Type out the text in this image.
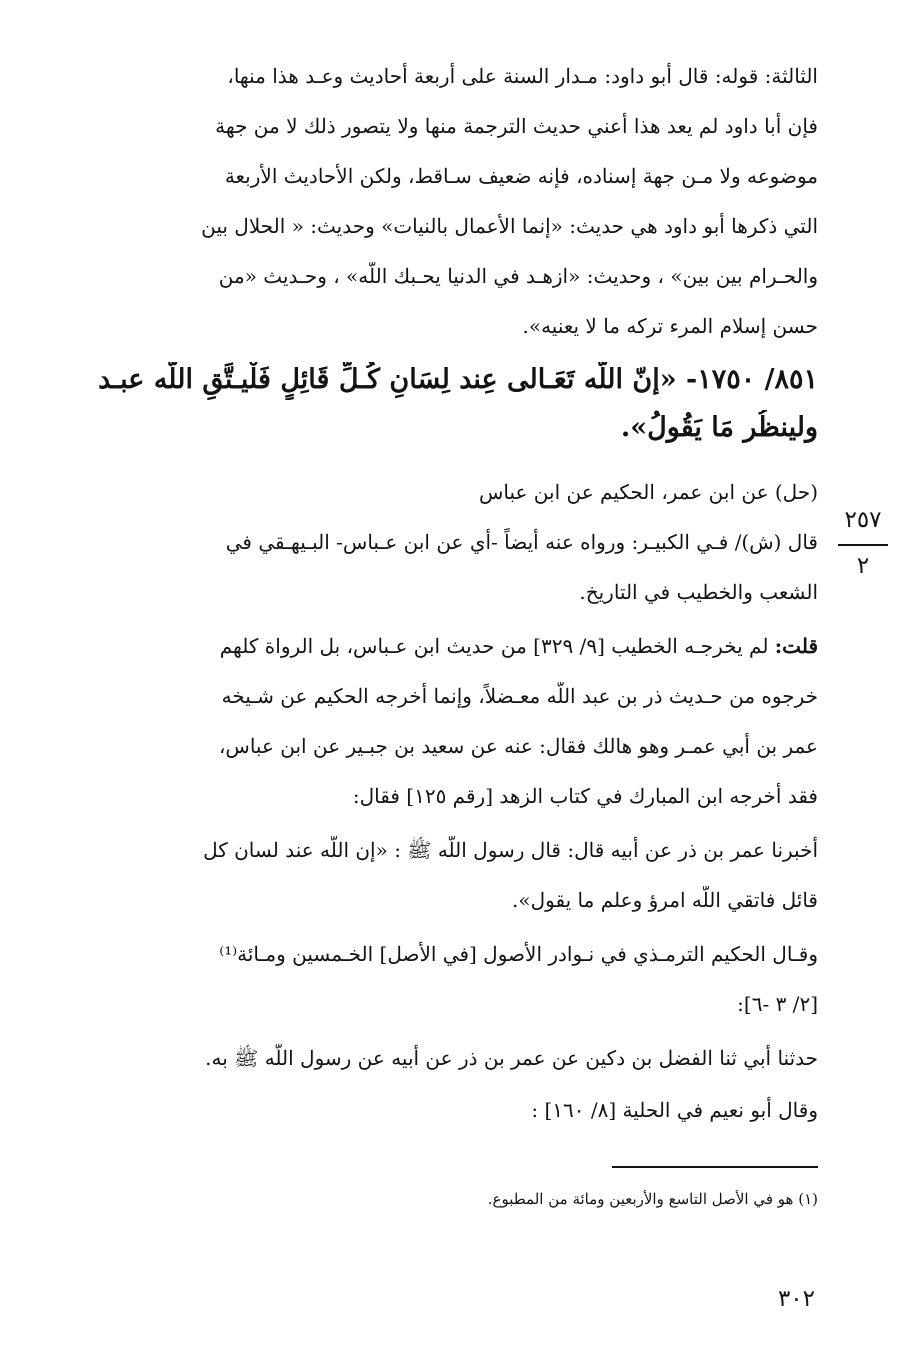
الثالثة: قوله: قال أبو داود: مـدار السنة على أربعة أحاديث وعـد هذا منها،
فإن أبا داود لم يعد هذا أعني حديث الترجمة منها ولا يتصور ذلك لا من جهة
موضوعه ولا مـن جهة إسناده، فإنه ضعيف سـاقط، ولكن الأحاديث الأربعة
التي ذكرها أبو داود هي حديث: «إنما الأعمال بالنيات» وحديث: « الحلال بين
والحـرام بين بين» ، وحديث: «ازهـد في الدنيا يحـبك اللّه» ، وحـديث «من
حسن إسلام المرء تركه ما لا يعنيه».
٨٥١/ ١٧٥٠- «إنّ اللّه تَعَـالى عِند لِسَانِ كُـلِّ قَائِلٍ فَلْيـتَّقِ اللّه عبـد
ولينظُر مَا يَقُولُ».
(حل) عن ابن عمر، الحكيم عن ابن عباس
٢٥٧
٢
قال (ش)/ فـي الكبيـر: ورواه عنه أيضاً -أي عن ابن عـباس- البـيهـقي في
الشعب والخطيب في التاريخ.
قلت: لم يخرجـه الخطيب [٩/ ٣٢٩] من حديث ابن عـباس، بل الرواة كلهم
خرجوه من حـديث ذر بن عبد اللّه معـضلاً، وإنما أخرجه الحكيم عن شـيخه
عمر بن أبي عمـر وهو هالك فقال: عنه عن سعيد بن جبـير عن ابن عباس،
فقد أخرجه ابن المبارك في كتاب الزهد [رقم ١٢٥] فقال:
أخبرنا عمر بن ذر عن أبيه قال: قال رسول اللّه ﷺ : «إن اللّه عند لسان كل
قائل فاتقي اللّه امرؤ وعلم ما يقول».
وقـال الحكيم الترمـذي في نـوادر الأصول [في الأصل] الخـمسين ومـائة⁽¹⁾
[٢/ ٣ -٦]:
حدثنا أبي ثنا الفضل بن دكين عن عمر بن ذر عن أبيه عن رسول اللّه ﷺ به.
وقال أبو نعيم في الحلية [٨/ ١٦٠] :
(١) هو في الأصل التاسع والأربعين ومائة من المطبوع.
٣٠٢
